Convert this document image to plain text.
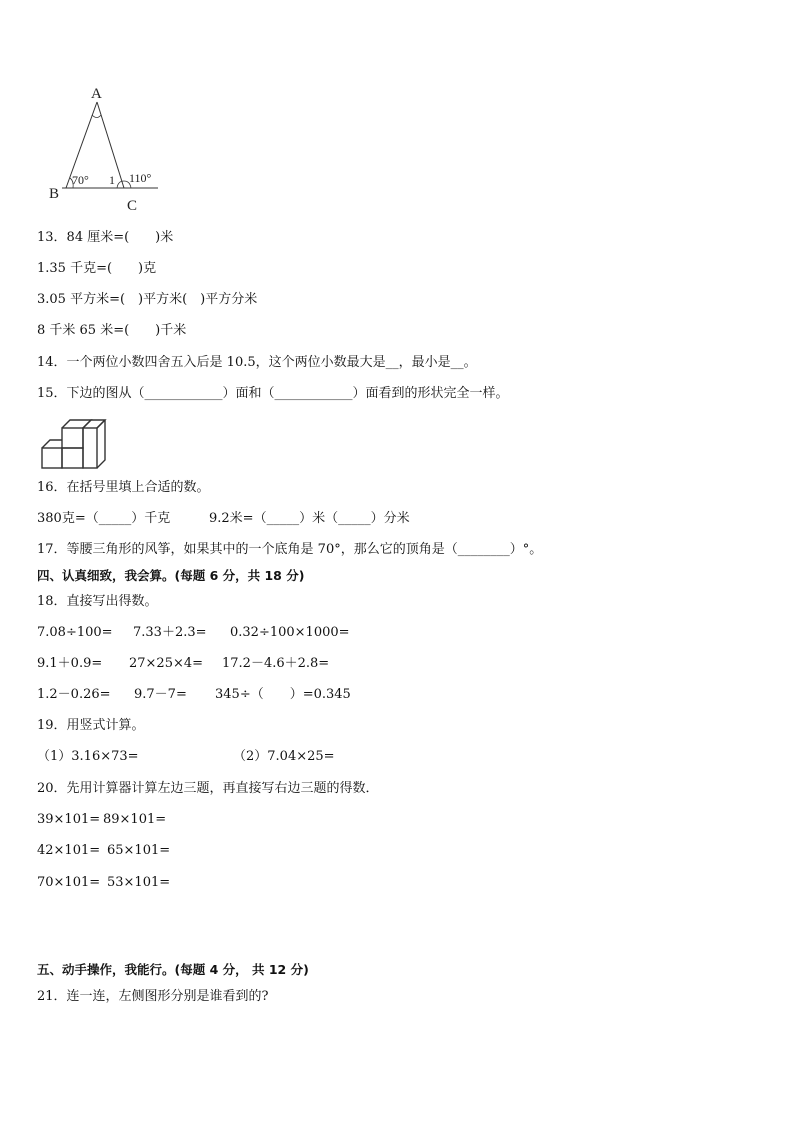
A
B
C
70° 1 110°
13．84 厘米=(　　)米
1.35 千克=(　　)克
3.05 平方米=(　)平方米(　)平方分米
8 千米 65 米=(　　)千米
14．一个两位小数四舍五入后是 10.5，这个两位小数最大是__，最小是__。
15．下边的图从（____________）面和（____________）面看到的形状完全一样。
16．在括号里填上合适的数。

380克=（_____）千克

	9.2米=（_____）米（_____）分米

17．等腰三角形的风筝，如果其中的一个底角是 70°，那么它的顶角是（________）°。
四、认真细致，我会算。(每题 6 分，共 18 分)
18．直接写出得数。

7.08÷100=

7.33＋2.3=

0.32÷100×1000=

9.1＋0.9=

27×25×4=

17.2－4.6＋2.8=

1.2－0.26=

9.7－7=

345÷（　　）=0.345

19．用竖式计算。

（1）3.16×73=

	（2）7.04×25=

20．先用计算器计算左边三题，再直接写右边三题的得数．

39×101=

89×101=

42×101=

65×101=

70×101=

53×101=

五、动手操作，我能行。(每题 4 分， 共 12 分)
21．连一连，左侧图形分别是谁看到的?
